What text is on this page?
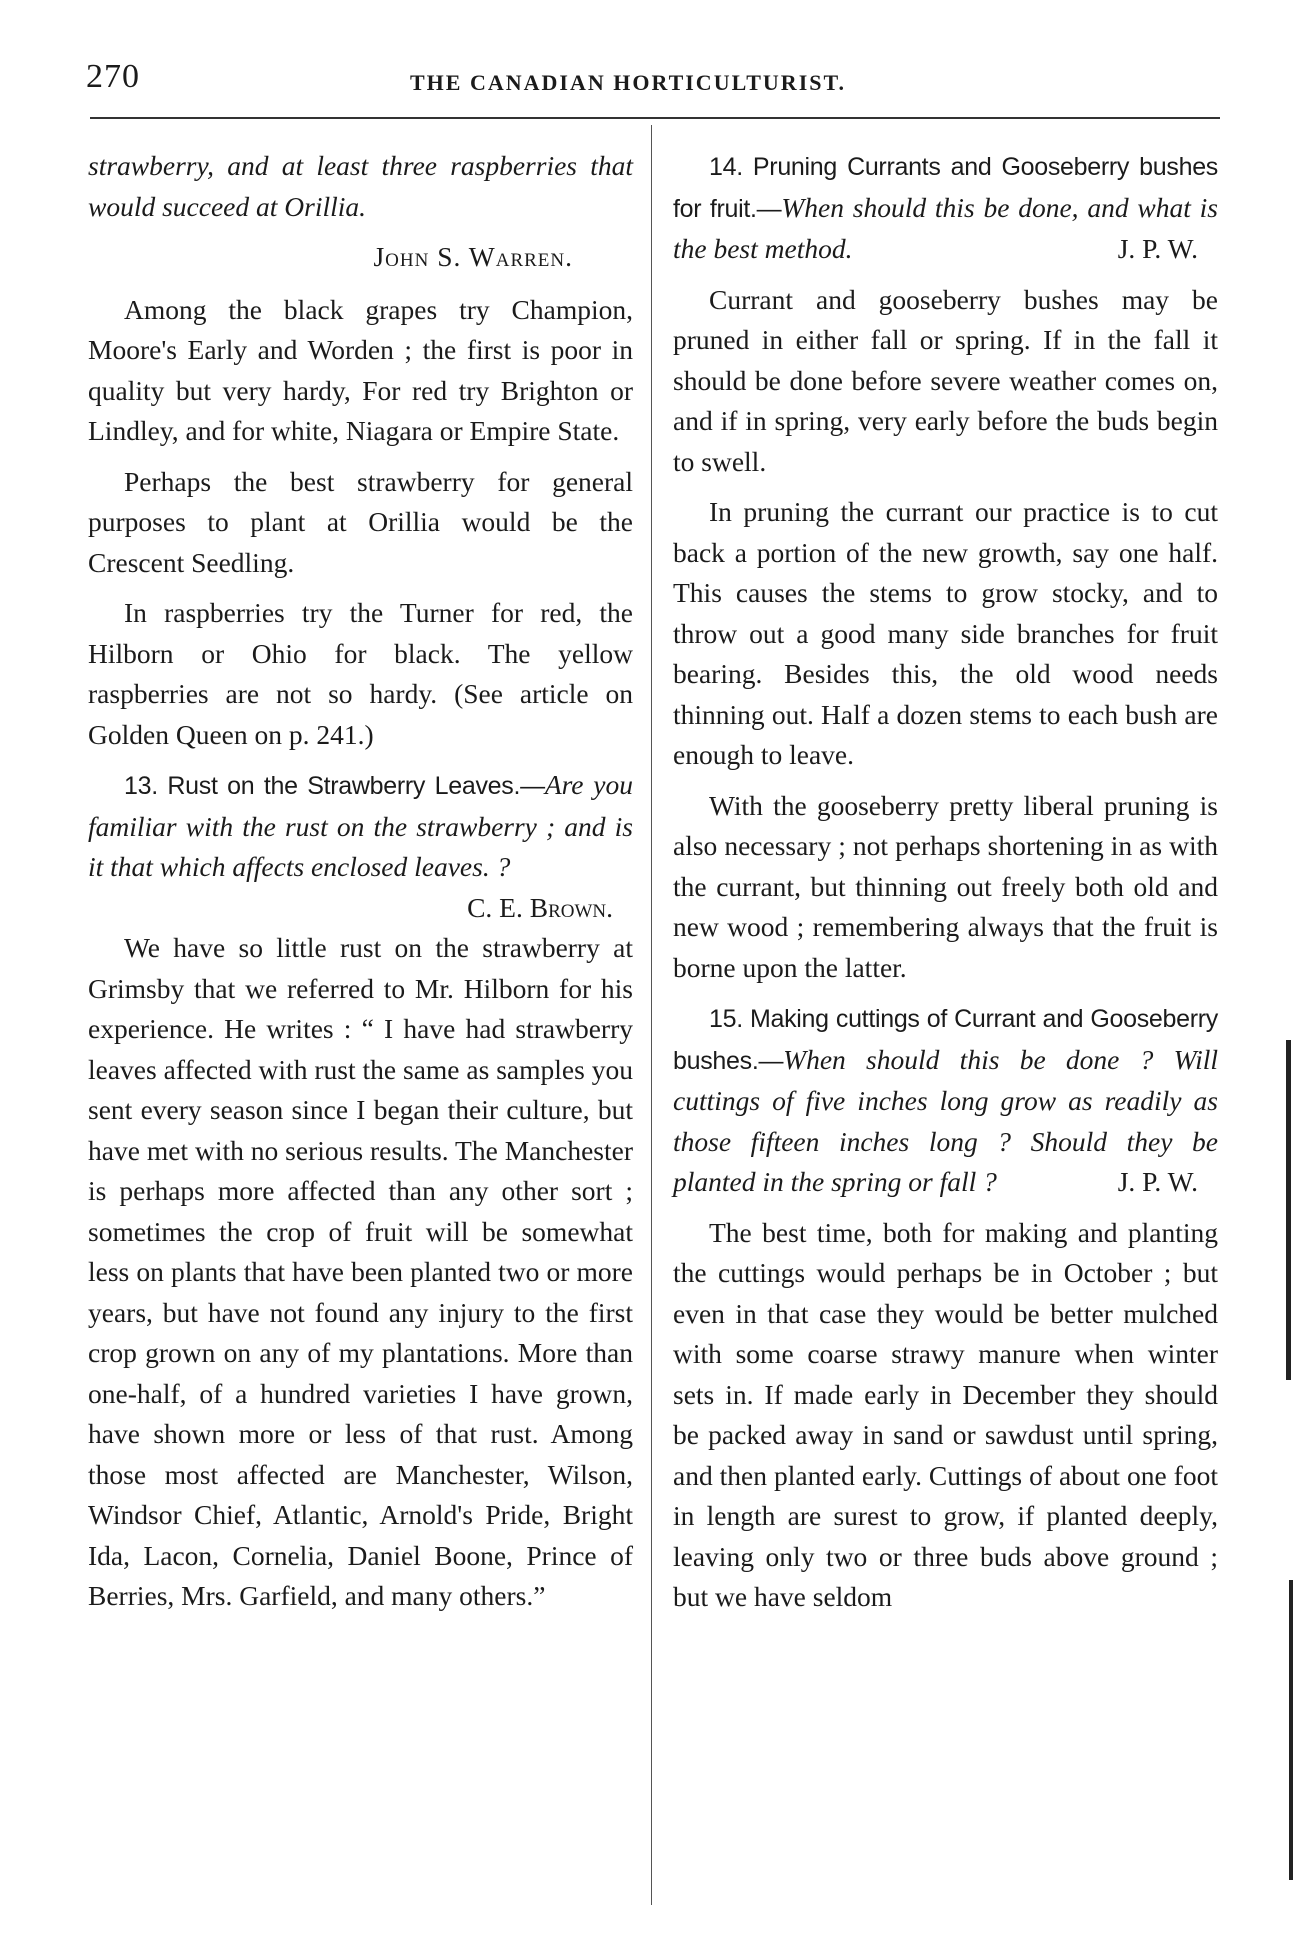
270	THE CANADIAN HORTICULTURIST.

strawberry, and at least three raspberries that would succeed at Orillia.

John S. Warren.

Among the black grapes try Champion, Moore's Early and Worden ; the first is poor in quality but very hardy, For red try Brighton or Lindley, and for white, Niagara or Empire State.

Perhaps the best strawberry for general purposes to plant at Orillia would be the Crescent Seedling.

In raspberries try the Turner for red, the Hilborn or Ohio for black. The yellow raspberries are not so hardy. (See article on Golden Queen on p. 241.)

13. Rust on the Strawberry Leaves.—Are you familiar with the rust on the strawberry ; and is it that which affects enclosed leaves. ?
C. E. Brown.

We have so little rust on the strawberry at Grimsby that we referred to Mr. Hilborn for his experience. He writes : “ I have had strawberry leaves affected with rust the same as samples you sent every season since I began their culture, but have met with no serious results. The Manchester is perhaps more affected than any other sort ; sometimes the crop of fruit will be somewhat less on plants that have been planted two or more years, but have not found any injury to the first crop grown on any of my plantations. More than one-half, of a hundred varieties I have grown, have shown more or less of that rust. Among those most affected are Manchester, Wilson, Windsor Chief, Atlantic, Arnold's Pride, Bright Ida, Lacon, Cornelia, Daniel Boone, Prince of Berries, Mrs. Garfield, and many others.”

14. Pruning Currants and Gooseberry bushes for fruit.—When should this be done, and what is the best method.	J. P. W.

Currant and gooseberry bushes may be pruned in either fall or spring. If in the fall it should be done before severe weather comes on, and if in spring, very early before the buds begin to swell.

In pruning the currant our practice is to cut back a portion of the new growth, say one half. This causes the stems to grow stocky, and to throw out a good many side branches for fruit bearing. Besides this, the old wood needs thinning out. Half a dozen stems to each bush are enough to leave.

With the gooseberry pretty liberal pruning is also necessary ; not perhaps shortening in as with the currant, but thinning out freely both old and new wood ; remembering always that the fruit is borne upon the latter.

15. Making cuttings of Currant and Gooseberry bushes.—When should this be done ? Will cuttings of five inches long grow as readily as those fifteen inches long ? Should they be planted in the spring or fall ?	J. P. W.

The best time, both for making and planting the cuttings would perhaps be in October ; but even in that case they would be better mulched with some coarse strawy manure when winter sets in. If made early in December they should be packed away in sand or sawdust until spring, and then planted early. Cuttings of about one foot in length are surest to grow, if planted deeply, leaving only two or three buds above ground ; but we have seldom
